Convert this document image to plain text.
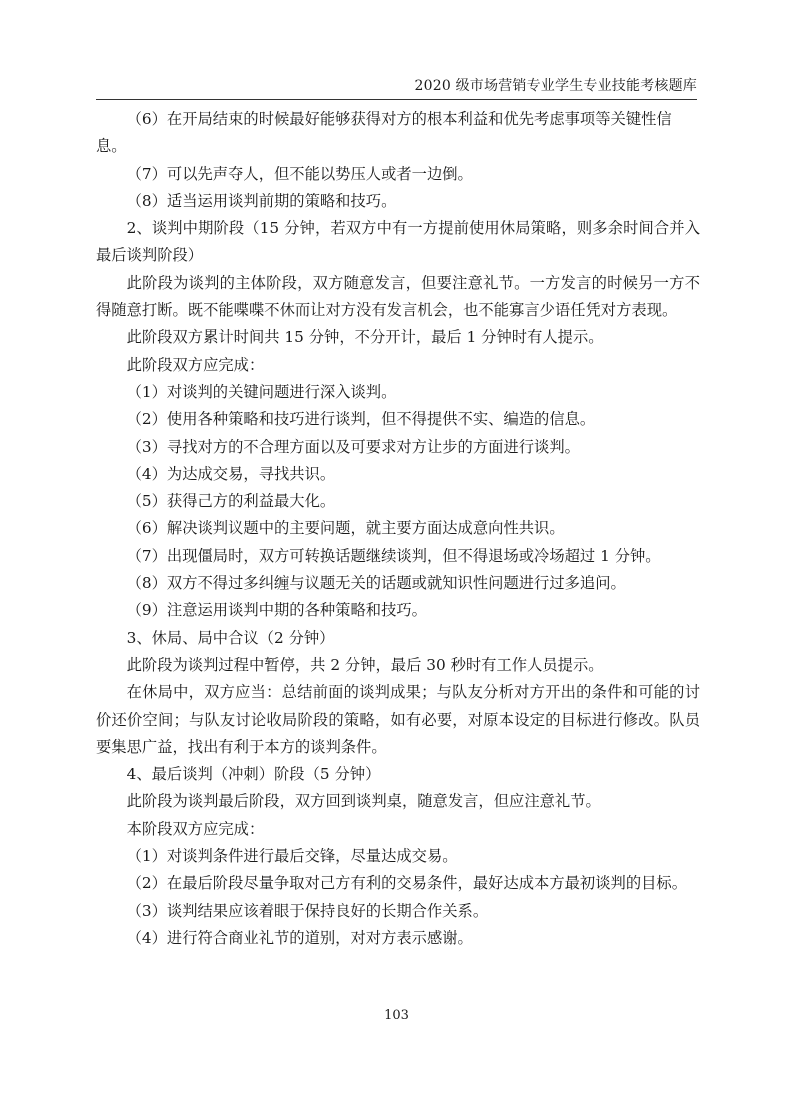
2020 级市场营销专业学生专业技能考核题库

（6）在开局结束的时候最好能够获得对方的根本利益和优先考虑事项等关键性信息。

（7）可以先声夺人，但不能以势压人或者一边倒。

（8）适当运用谈判前期的策略和技巧。

2、谈判中期阶段（15 分钟，若双方中有一方提前使用休局策略，则多余时间合并入最后谈判阶段）

此阶段为谈判的主体阶段，双方随意发言，但要注意礼节。一方发言的时候另一方不得随意打断。既不能喋喋不休而让对方没有发言机会，也不能寡言少语任凭对方表现。

此阶段双方累计时间共 15 分钟，不分开计，最后 1 分钟时有人提示。

此阶段双方应完成：

（1）对谈判的关键问题进行深入谈判。

（2）使用各种策略和技巧进行谈判，但不得提供不实、编造的信息。

（3）寻找对方的不合理方面以及可要求对方让步的方面进行谈判。

（4）为达成交易，寻找共识。

（5）获得己方的利益最大化。

（6）解决谈判议题中的主要问题，就主要方面达成意向性共识。

（7）出现僵局时，双方可转换话题继续谈判，但不得退场或冷场超过 1 分钟。

（8）双方不得过多纠缠与议题无关的话题或就知识性问题进行过多追问。

（9）注意运用谈判中期的各种策略和技巧。

3、休局、局中合议（2 分钟）

此阶段为谈判过程中暂停，共 2 分钟，最后 30 秒时有工作人员提示。

在休局中，双方应当：总结前面的谈判成果；与队友分析对方开出的条件和可能的讨价还价空间；与队友讨论收局阶段的策略，如有必要，对原本设定的目标进行修改。队员要集思广益，找出有利于本方的谈判条件。

4、最后谈判（冲刺）阶段（5 分钟）

此阶段为谈判最后阶段，双方回到谈判桌，随意发言，但应注意礼节。

本阶段双方应完成：

（1）对谈判条件进行最后交锋，尽量达成交易。

（2）在最后阶段尽量争取对己方有利的交易条件，最好达成本方最初谈判的目标。

（3）谈判结果应该着眼于保持良好的长期合作关系。

（4）进行符合商业礼节的道别，对对方表示感谢。

103
